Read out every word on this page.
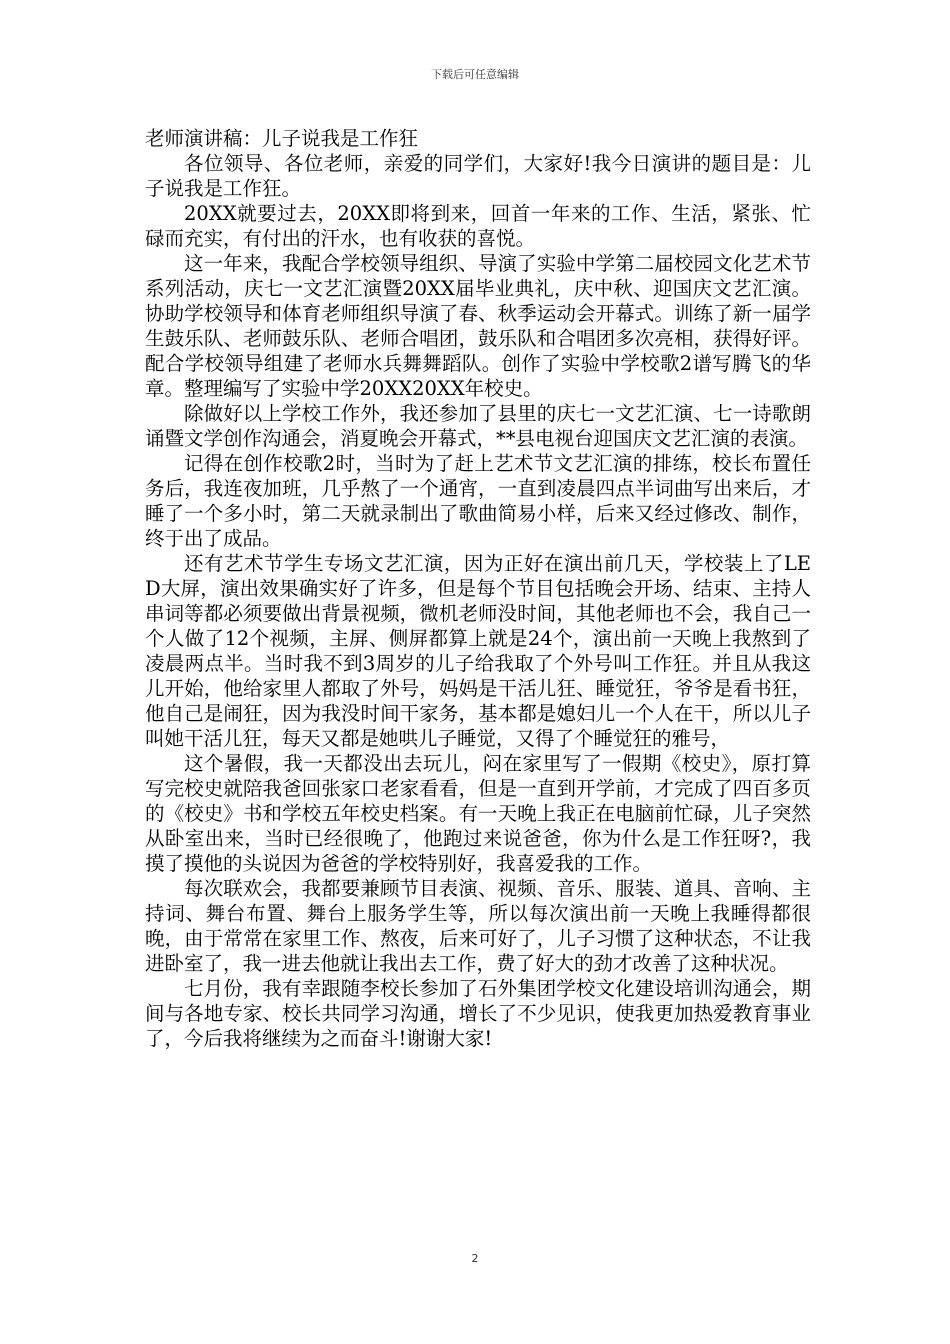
下载后可任意编辑

老师演讲稿：儿子说我是工作狂

各位领导、各位老师，亲爱的同学们，大家好!我今日演讲的题目是：儿子说我是工作狂。

20XX就要过去，20XX即将到来，回首一年来的工作、生活，紧张、忙碌而充实，有付出的汗水，也有收获的喜悦。

这一年来，我配合学校领导组织、导演了实验中学第二届校园文化艺术节系列活动，庆七一文艺汇演暨20XX届毕业典礼，庆中秋、迎国庆文艺汇演。协助学校领导和体育老师组织导演了春、秋季运动会开幕式。训练了新一届学生鼓乐队、老师鼓乐队、老师合唱团，鼓乐队和合唱团多次亮相，获得好评。配合学校领导组建了老师水兵舞舞蹈队。创作了实验中学校歌2谱写腾飞的华章。整理编写了实验中学20XX20XX年校史。

除做好以上学校工作外，我还参加了县里的庆七一文艺汇演、七一诗歌朗诵暨文学创作沟通会，消夏晚会开幕式，**县电视台迎国庆文艺汇演的表演。

记得在创作校歌2时，当时为了赶上艺术节文艺汇演的排练，校长布置任务后，我连夜加班，几乎熬了一个通宵，一直到凌晨四点半词曲写出来后，才睡了一个多小时，第二天就录制出了歌曲简易小样，后来又经过修改、制作，终于出了成品。

还有艺术节学生专场文艺汇演，因为正好在演出前几天，学校装上了LED大屏，演出效果确实好了许多，但是每个节目包括晚会开场、结束、主持人串词等都必须要做出背景视频，微机老师没时间，其他老师也不会，我自己一个人做了12个视频，主屏、侧屏都算上就是24个，演出前一天晚上我熬到了凌晨两点半。当时我不到3周岁的儿子给我取了个外号叫工作狂。并且从我这儿开始，他给家里人都取了外号，妈妈是干活儿狂、睡觉狂，爷爷是看书狂，他自己是闹狂，因为我没时间干家务，基本都是媳妇儿一个人在干，所以儿子叫她干活儿狂，每天又都是她哄儿子睡觉，又得了个睡觉狂的雅号，

这个暑假，我一天都没出去玩儿，闷在家里写了一假期《校史》，原打算写完校史就陪我爸回张家口老家看看，但是一直到开学前，才完成了四百多页的《校史》书和学校五年校史档案。有一天晚上我正在电脑前忙碌，儿子突然从卧室出来，当时已经很晚了，他跑过来说爸爸，你为什么是工作狂呀?，我摸了摸他的头说因为爸爸的学校特别好，我喜爱我的工作。

每次联欢会，我都要兼顾节目表演、视频、音乐、服装、道具、音响、主持词、舞台布置、舞台上服务学生等，所以每次演出前一天晚上我睡得都很晚，由于常常在家里工作、熬夜，后来可好了，儿子习惯了这种状态，不让我进卧室了，我一进去他就让我出去工作，费了好大的劲才改善了这种状况。

七月份，我有幸跟随李校长参加了石外集团学校文化建设培训沟通会，期间与各地专家、校长共同学习沟通，增长了不少见识，使我更加热爱教育事业了，今后我将继续为之而奋斗!谢谢大家!

2
